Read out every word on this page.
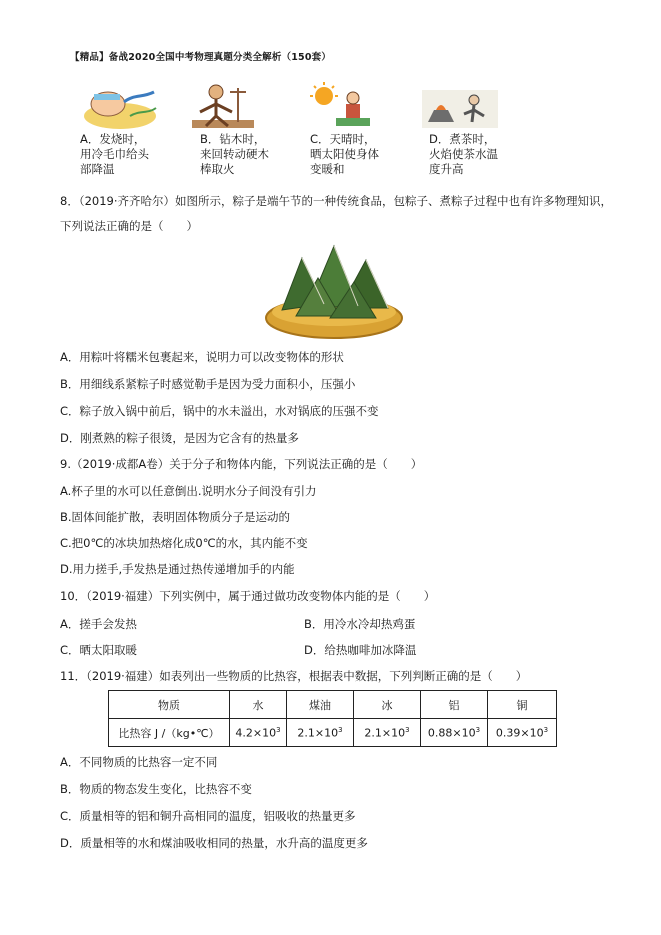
【精品】备战2020全国中考物理真题分类全解析（150套）
A．发烧时，
用冷毛巾给头
部降温
B．钻木时，
来回转动硬木
棒取火
C．天晴时，
晒太阳使身体
变暖和
D．煮茶时，
火焰使茶水温
度升高
8．（2019·齐齐哈尔）如图所示，粽子是端午节的一种传统食品，包粽子、煮粽子过程中也有许多物理知识，
下列说法正确的是（　　）
A．用粽叶将糯米包裹起来，说明力可以改变物体的形状
B．用细线系紧粽子时感觉勒手是因为受力面积小，压强小
C．粽子放入锅中前后，锅中的水未溢出，水对锅底的压强不变
D．刚煮熟的粽子很烫，是因为它含有的热量多
9.（2019·成都A卷）关于分子和物体内能，下列说法正确的是（　　）
A.杯子里的水可以任意倒出.说明水分子间没有引力
B.固体间能扩散，表明固体物质分子是运动的
C.把0℃的冰块加热熔化成0℃的水，其内能不变
D.用力搓手,手发热是通过热传递增加手的内能
10．（2019·福建）下列实例中，属于通过做功改变物体内能的是（　　）
A．搓手会发热	B．用冷水冷却热鸡蛋
C．晒太阳取暖	D．给热咖啡加冰降温
11．（2019·福建）如表列出一些物质的比热容，根据表中数据，下列判断正确的是（　　）
物质	水	煤油	冰	铝	铜
比热容 J /（kg•℃）	$4.2\times 10^3$	$2.1\times 10^3$	$2.1\times 10^3$	$0.88\times 10^3$	$0.39\times 10^3$
A．不同物质的比热容一定不同
B．物质的物态发生变化，比热容不变
C．质量相等的铝和铜升高相同的温度，铝吸收的热量更多
D．质量相等的水和煤油吸收相同的热量，水升高的温度更多
